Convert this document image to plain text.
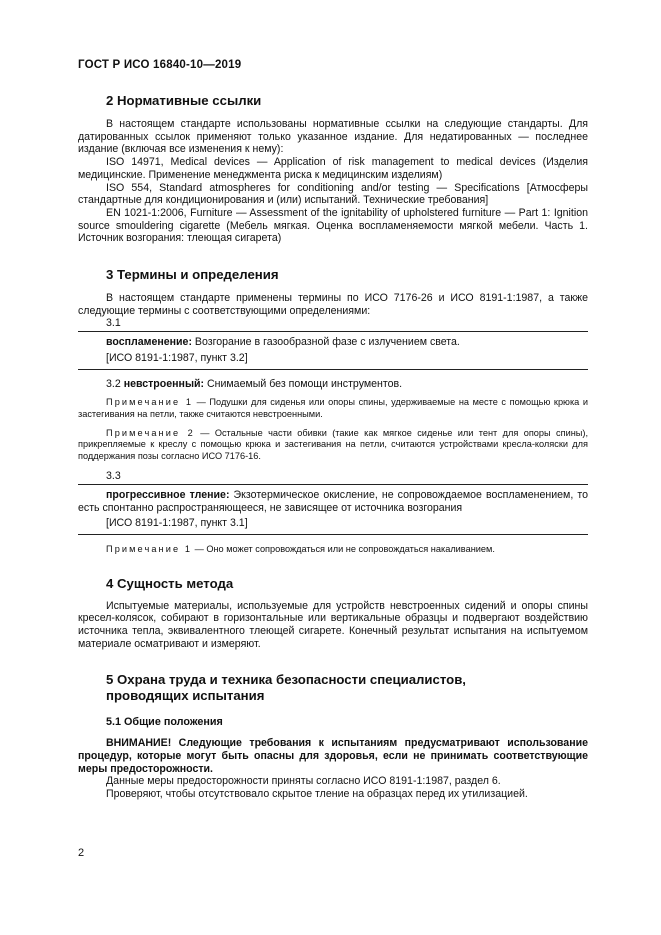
ГОСТ Р ИСО 16840-10—2019
2 Нормативные ссылки

В настоящем стандарте использованы нормативные ссылки на следующие стандарты. Для датированных ссылок применяют только указанное издание. Для недатированных — последнее издание (включая все изменения к нему):

ISO 14971, Medical devices — Application of risk management to medical devices (Изделия медицинские. Применение менеджмента риска к медицинским изделиям)

ISO 554, Standard atmospheres for conditioning and/or testing — Specifications [Атмосферы стандартные для кондиционирования и (или) испытаний. Технические требования]

EN 1021-1:2006, Furniture — Assessment of the ignitability of upholstered furniture — Part 1: Ignition source smouldering cigarette (Мебель мягкая. Оценка воспламеняемости мягкой мебели. Часть 1. Источник возгорания: тлеющая сигарета)

3 Термины и определения

В настоящем стандарте применены термины по ИСО 7176-26 и ИСО 8191-1:1987, а также следующие термины с соответствующими определениями:

3.1

воспламенение: Возгорание в газообразной фазе с излучением света.

[ИСО 8191-1:1987, пункт 3.2]

3.2 невстроенный: Снимаемый без помощи инструментов.

Примечание 1 — Подушки для сиденья или опоры спины, удерживаемые на месте с помощью крюка и застегивания на петли, также считаются невстроенными.

Примечание 2 — Остальные части обивки (такие как мягкое сиденье или тент для опоры спины), прикрепляемые к креслу с помощью крюка и застегивания на петли, считаются устройствами кресла-коляски для поддержания позы согласно ИСО 7176-16.

3.3

прогрессивное тление: Экзотермическое окисление, не сопровождаемое воспламенением, то есть спонтанно распространяющееся, не зависящее от источника возгорания

[ИСО 8191-1:1987, пункт 3.1]

Примечание 1 — Оно может сопровождаться или не сопровождаться накаливанием.

4 Сущность метода

Испытуемые материалы, используемые для устройств невстроенных сидений и опоры спины кресел-колясок, собирают в горизонтальные или вертикальные образцы и подвергают воздействию источника тепла, эквивалентного тлеющей сигарете. Конечный результат испытания на испытуемом материале осматривают и измеряют.

5 Охрана труда и техника безопасности специалистов,
проводящих испытания
5.1 Общие положения

ВНИМАНИЕ! Следующие требования к испытаниям предусматривают использование процедур, которые могут быть опасны для здоровья, если не принимать соответствующие меры предосторожности.

Данные меры предосторожности приняты согласно ИСО 8191-1:1987, раздел 6.

Проверяют, чтобы отсутствовало скрытое тление на образцах перед их утилизацией.

2
